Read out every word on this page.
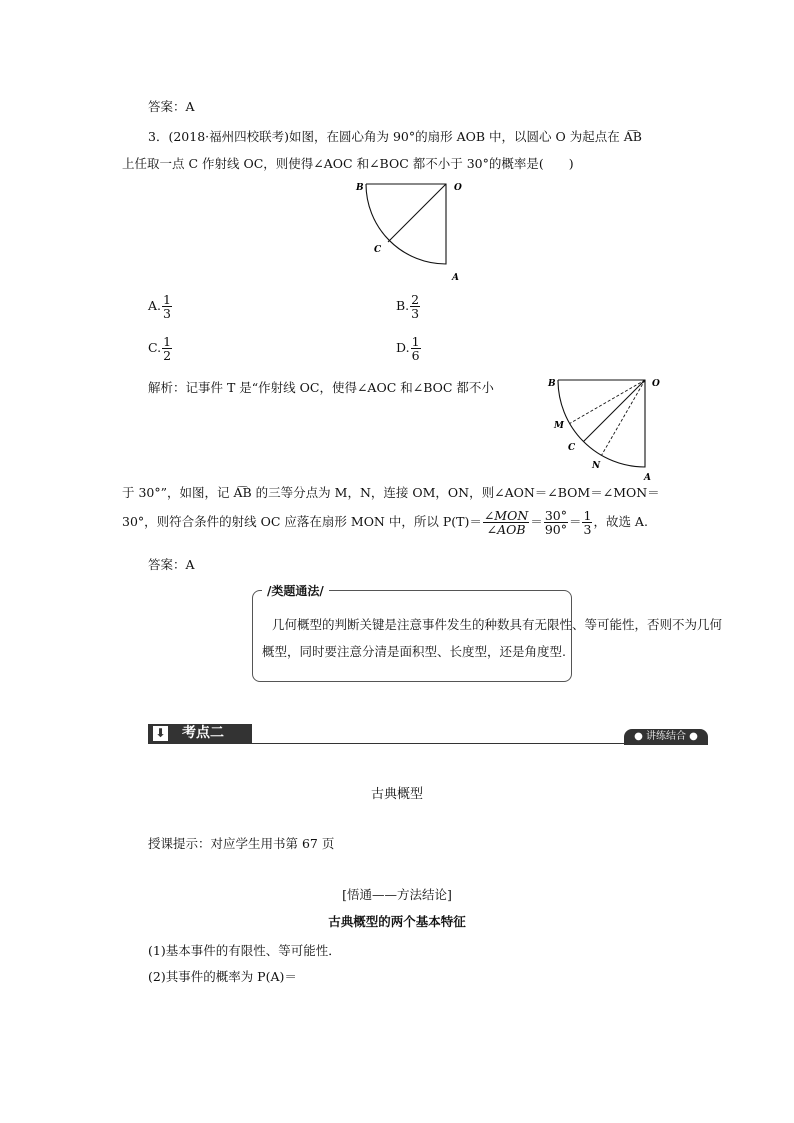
答案：A
3．(2018·福州四校联考)如图，在圆心角为 90°的扇形 AOB 中，以圆心 O 为起点在 A͡B
上任取一点 C 作射线 OC，则使得∠AOC 和∠BOC 都不小于 30°的概率是(　　)
B	O
C
A
A. $\frac{1}{3}$	B. $\frac{2}{3}$
C. $\frac{1}{2}$	D. $\frac{1}{6}$
解析：记事件 T 是“作射线 OC，使得∠AOC 和∠BOC 都不小	B	O
M
C
N
A
于 30°”，如图，记 A͡B 的三等分点为 M，N，连接 OM，ON，则∠AON＝∠BOM＝∠MON＝
30°，则符合条件的射线 OC 应落在扇形 MON 中，所以 $P(T)= \frac{\text{∠MON}}{\text{∠AOB}} = \frac{30^\circ}{90^\circ} = \frac{1}{3}$ ，故选 A.
答案：A
/类题通法/
几何概型的判断关键是注意事件发生的种数具有无限性、等可能性，否则不为几何
概型，同时要注意分清是面积型、长度型，还是角度型.
⬇ 考点二	● 讲练结合 ●
古典概型
授课提示：对应学生用书第 67 页
[悟通——方法结论]
古典概型的两个基本特征
(1)基本事件的有限性、等可能性．
(2)其事件的概率为 P(A)＝
